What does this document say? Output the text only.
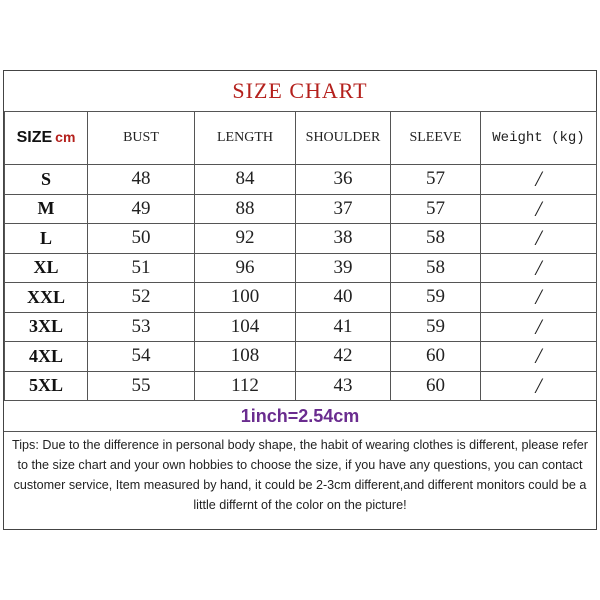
SIZE CHART
SIZE cm	BUST	LENGTH	SHOULDER	SLEEVE	Weight (kg)
S	48	84	36	57	/
M	49	88	37	57	/
L	50	92	38	58	/
XL	51	96	39	58	/
XXL	52	100	40	59	/
3XL	53	104	41	59	/
4XL	54	108	42	60	/
5XL	55	112	43	60	/
1inch=2.54cm
Tips: Due to the difference in personal body shape, the habit of wearing clothes is different, please refer to the size chart and your own hobbies to choose the size, if you have any questions, you can contact customer service, Item measured by hand, it could be 2-3cm different,and different monitors could be a little differnt of the color on the picture!
